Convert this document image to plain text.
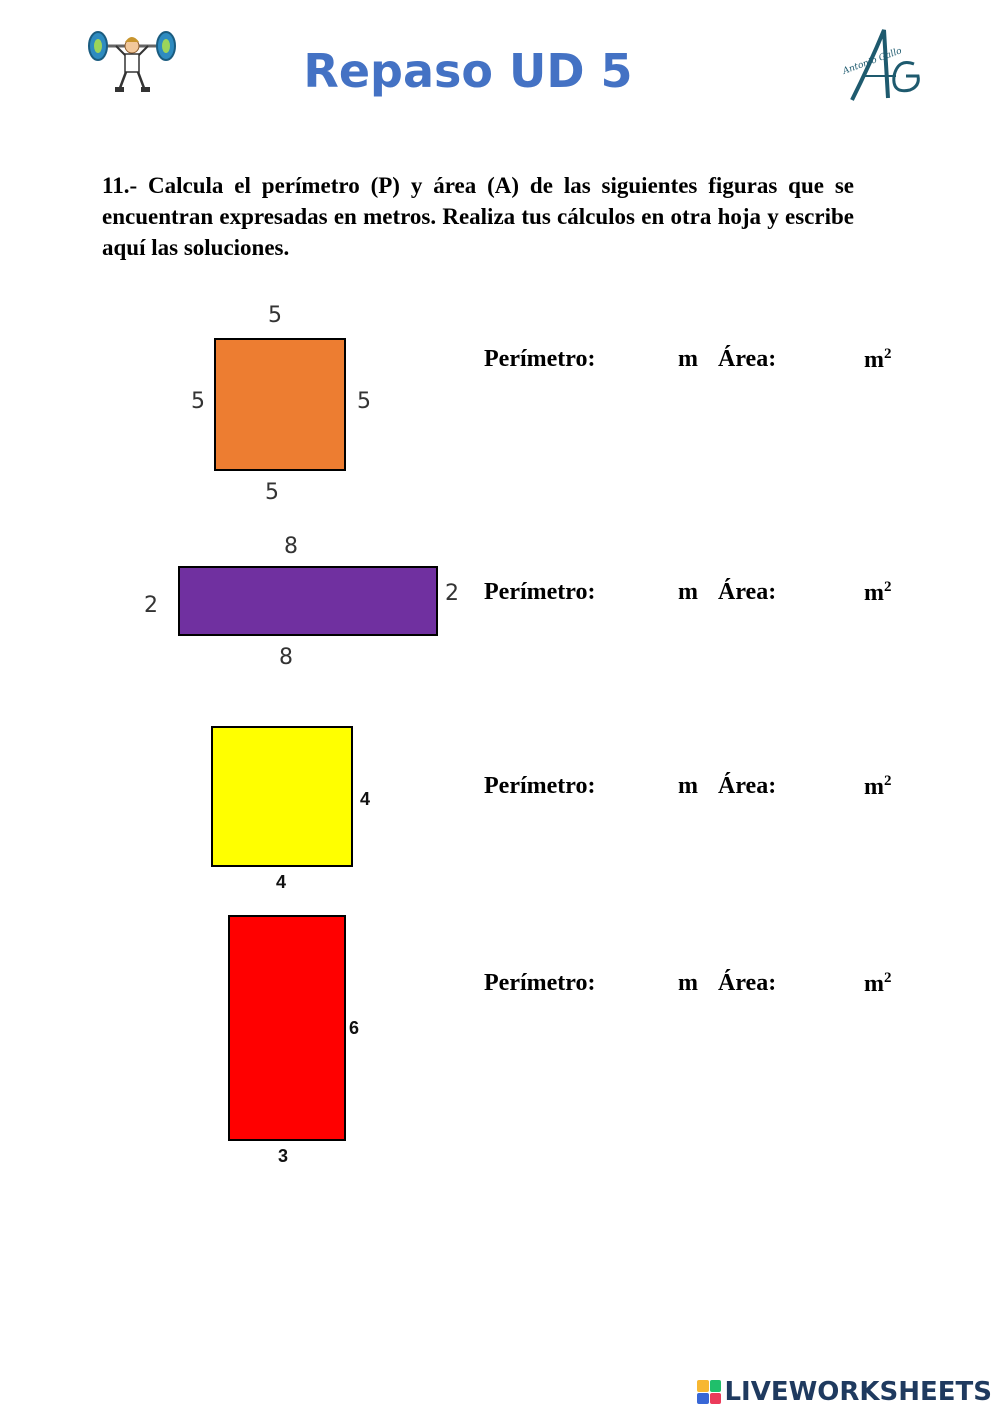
Repaso UD 5	Antonio Gallo
11.- Calcula el perímetro (P) y área (A) de las siguientes figuras que se encuentran expresadas en metros. Realiza tus cálculos en otra hoja y escribe aquí las soluciones.
5
5	5
5
Perímetro:	m Área:	$m^2$
8
2	2
8
Perímetro:	m Área:	$m^2$
4
4
Perímetro:	m Área:	$m^2$
6
3
Perímetro:	m Área:	$m^2$
LIVEWORKSHEETS
